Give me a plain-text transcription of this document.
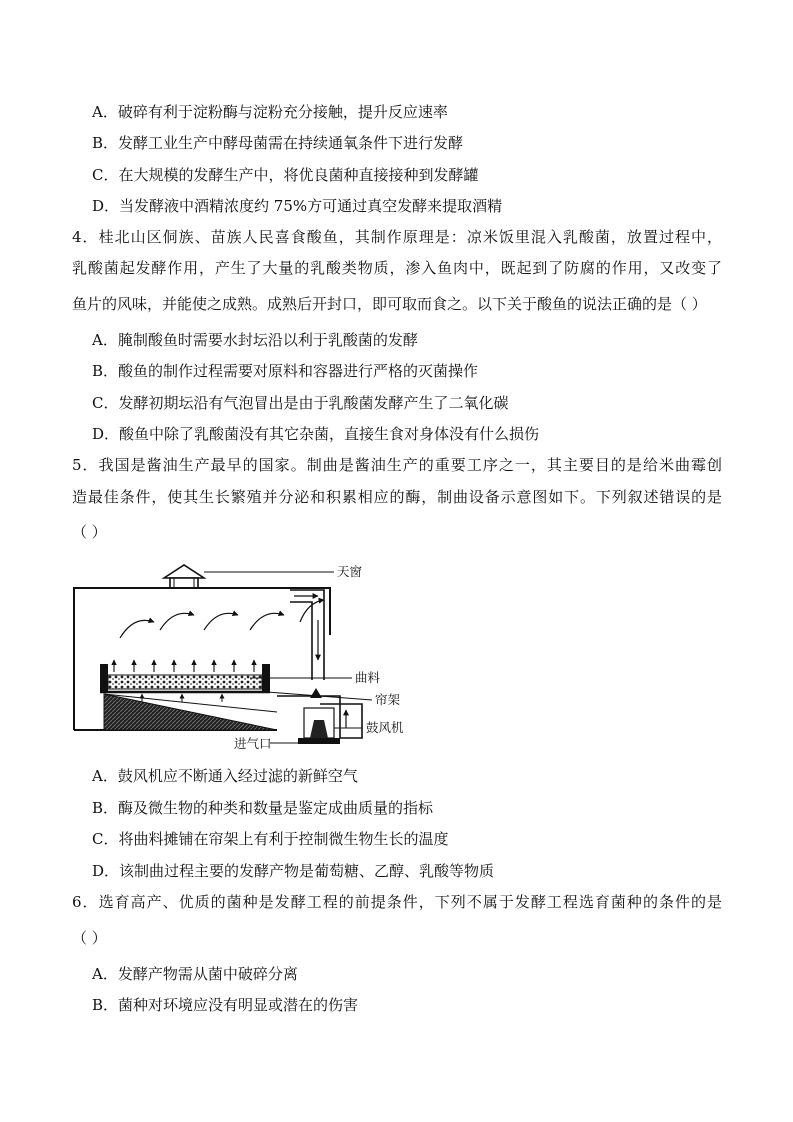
A．破碎有利于淀粉酶与淀粉充分接触，提升反应速率
B．发酵工业生产中酵母菌需在持续通氧条件下进行发酵
C．在大规模的发酵生产中，将优良菌种直接接种到发酵罐
D．当发酵液中酒精浓度约 75%方可通过真空发酵来提取酒精
4．桂北山区侗族、苗族人民喜食酸鱼，其制作原理是：凉米饭里混入乳酸菌，放置过程中，
乳酸菌起发酵作用，产生了大量的乳酸类物质，渗入鱼肉中，既起到了防腐的作用，又改变了
鱼片的风味，并能使之成熟。成熟后开封口，即可取而食之。以下关于酸鱼的说法正确的是（ ）
A．腌制酸鱼时需要水封坛沿以利于乳酸菌的发酵
B．酸鱼的制作过程需要对原料和容器进行严格的灭菌操作
C．发酵初期坛沿有气泡冒出是由于乳酸菌发酵产生了二氧化碳
D．酸鱼中除了乳酸菌没有其它杂菌，直接生食对身体没有什么损伤
5．我国是酱油生产最早的国家。制曲是酱油生产的重要工序之一，其主要目的是给米曲霉创
造最佳条件，使其生长繁殖并分泌和积累相应的酶，制曲设备示意图如下。下列叙述错误的是
（ ）
天窗
曲料
帘架
鼓风机
进气口
A．鼓风机应不断通入经过滤的新鲜空气
B．酶及微生物的种类和数量是鉴定成曲质量的指标
C．将曲料摊铺在帘架上有利于控制微生物生长的温度
D．该制曲过程主要的发酵产物是葡萄糖、乙醇、乳酸等物质
6．选育高产、优质的菌种是发酵工程的前提条件，下列不属于发酵工程选育菌种的条件的是
（ ）
A．发酵产物需从菌中破碎分离
B．菌种对环境应没有明显或潜在的伤害
